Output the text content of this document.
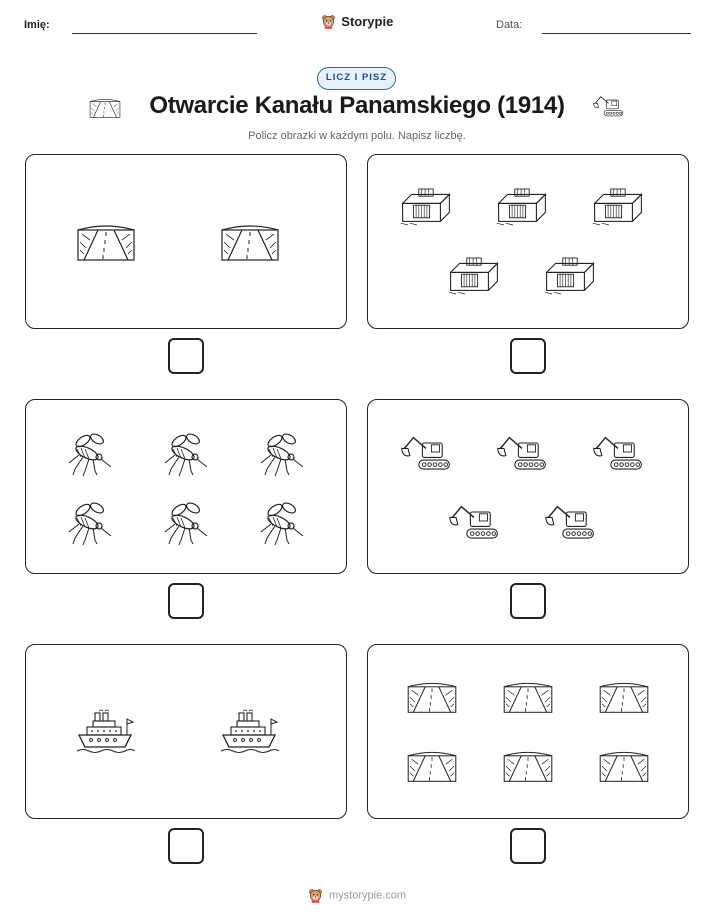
Imię:	Storypie	Data:
LICZ I PISZ
Otwarcie Kanału Panamskiego (1914)
Policz obrazki w każdym polu. Napisz liczbę.
mystorypie.com
